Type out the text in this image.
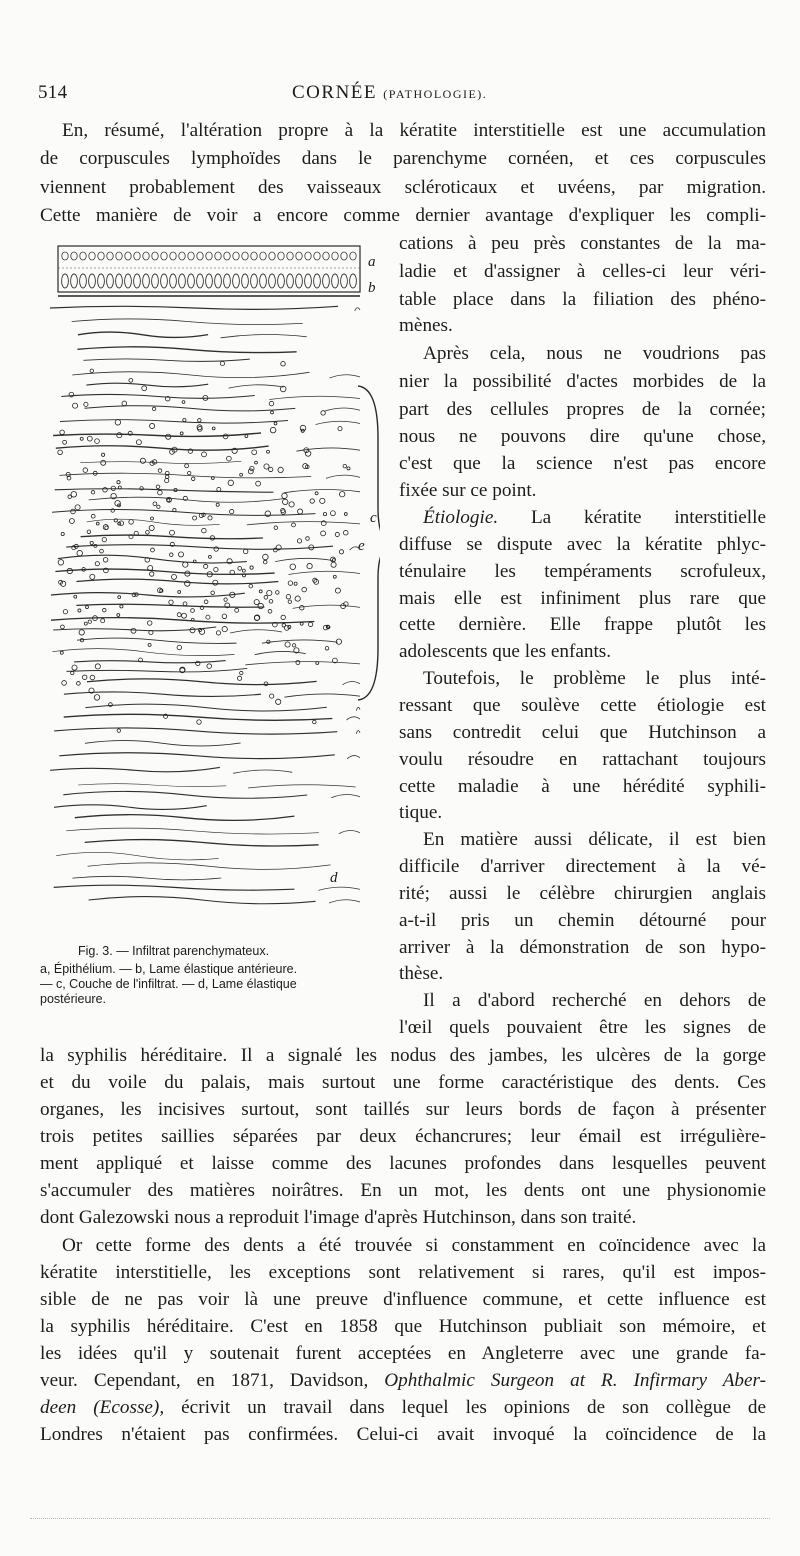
514	CORNÉE (PATHOLOGIE).
En, résumé, l'altération propre à la kératite interstitielle est une accumulation
de corpuscules lymphoïdes dans le parenchyme cornéen, et ces corpuscules
viennent probablement des vaisseaux scléroticaux et uvéens, par migration.
Cette manière de voir a encore comme dernier avantage d'expliquer les compli-
cations à peu près constantes de la ma-
ladie et d'assigner à celles-ci leur véri-
table place dans la filiation des phéno-
mènes.
Après cela, nous ne voudrions pas
nier la possibilité d'actes morbides de la
part des cellules propres de la cornée;
nous ne pouvons dire qu'une chose,
c'est que la science n'est pas encore
fixée sur ce point.
Étiologie. La kératite interstitielle
diffuse se dispute avec la kératite phlyc-
ténulaire les tempéraments scrofuleux,
mais elle est infiniment plus rare que
cette dernière. Elle frappe plutôt les
adolescents que les enfants.
Toutefois, le problème le plus inté-
ressant que soulève cette étiologie est
sans contredit celui que Hutchinson a
voulu résoudre en rattachant toujours
cette maladie à une hérédité syphili-
tique.
En matière aussi délicate, il est bien
difficile d'arriver directement à la vé-
rité; aussi le célèbre chirurgien anglais
a-t-il pris un chemin détourné pour
arriver à la démonstration de son hypo-
thèse.
Il a d'abord recherché en dehors de
l'œil quels pouvaient être les signes de
a
b
c
e
d
Fig. 3. — Infiltrat parenchymateux.
a, Épithélium. — b, Lame élastique antérieure.
— c, Couche de l'infiltrat. — d, Lame élastique
postérieure.
la syphilis héréditaire. Il a signalé les nodus des jambes, les ulcères de la gorge
et du voile du palais, mais surtout une forme caractéristique des dents. Ces
organes, les incisives surtout, sont taillés sur leurs bords de façon à présenter
trois petites saillies séparées par deux échancrures; leur émail est irrégulière-
ment appliqué et laisse comme des lacunes profondes dans lesquelles peuvent
s'accumuler des matières noirâtres. En un mot, les dents ont une physionomie
dont Galezowski nous a reproduit l'image d'après Hutchinson, dans son traité.
Or cette forme des dents a été trouvée si constamment en coïncidence avec la
kératite interstitielle, les exceptions sont relativement si rares, qu'il est impos-
sible de ne pas voir là une preuve d'influence commune, et cette influence est
la syphilis héréditaire. C'est en 1858 que Hutchinson publiait son mémoire, et
les idées qu'il y soutenait furent acceptées en Angleterre avec une grande fa-
veur. Cependant, en 1871, Davidson, Ophthalmic Surgeon at R. Infirmary Aber-
deen (Ecosse), écrivit un travail dans lequel les opinions de son collègue de
Londres n'étaient pas confirmées. Celui-ci avait invoqué la coïncidence de la
